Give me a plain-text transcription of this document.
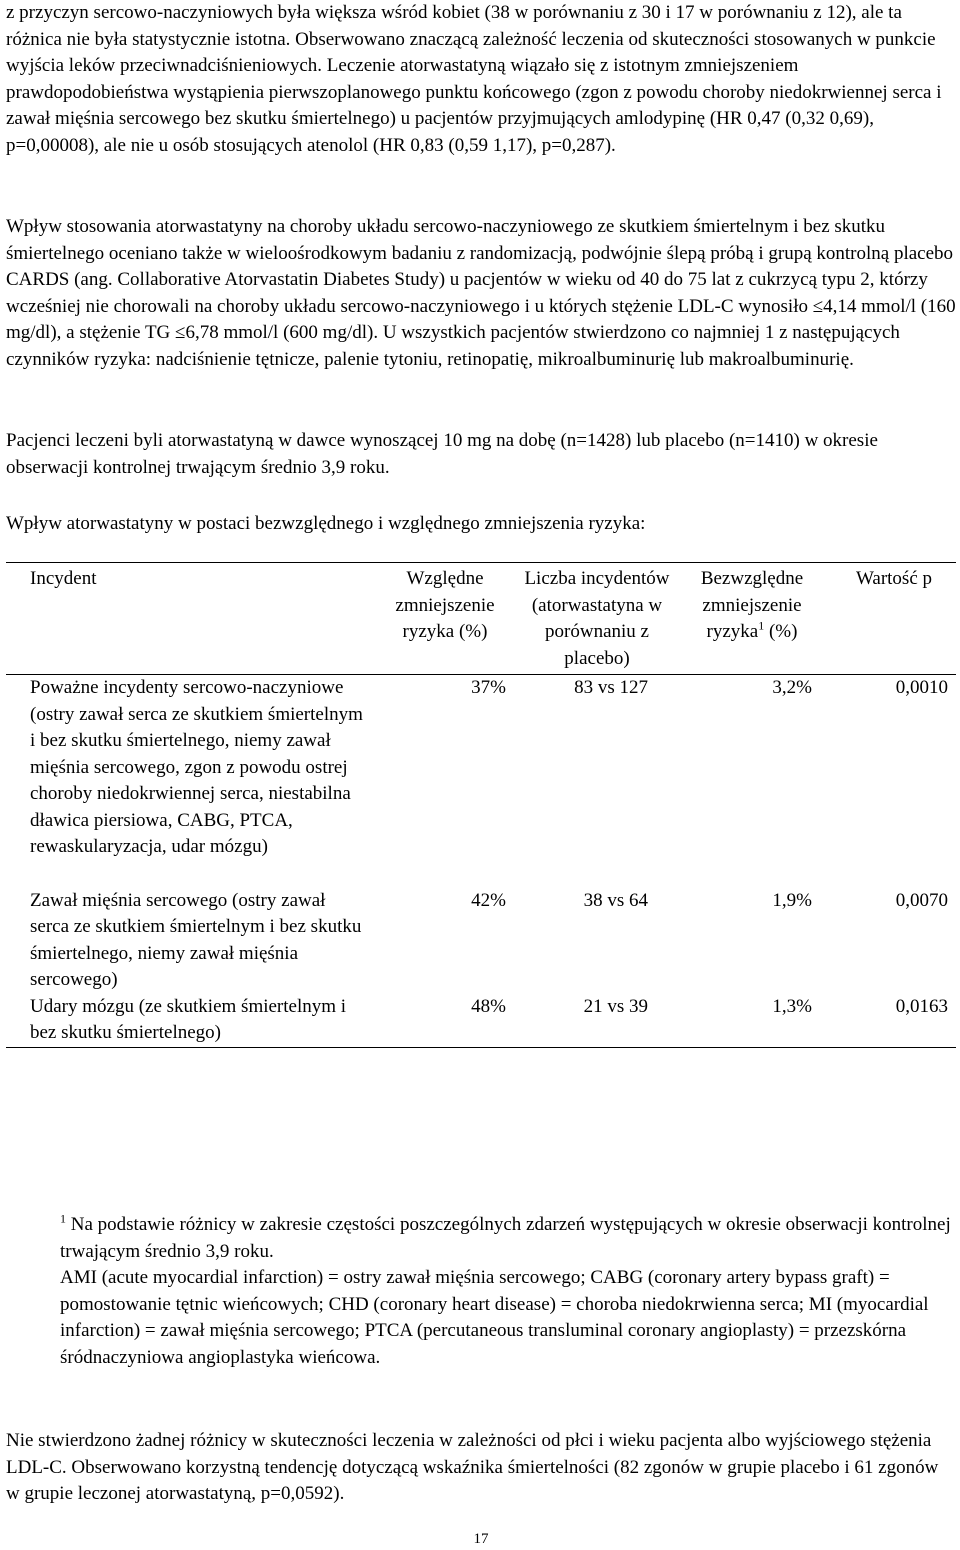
z przyczyn sercowo-naczyniowych była większa wśród kobiet (38 w porównaniu z 30 i 17 w porównaniu z 12), ale ta różnica nie była statystycznie istotna. Obserwowano znaczącą zależność leczenia od skuteczności stosowanych w punkcie wyjścia leków przeciwnadciśnieniowych. Leczenie atorwastatyną wiązało się z istotnym zmniejszeniem prawdopodobieństwa wystąpienia pierwszoplanowego punktu końcowego (zgon z powodu choroby niedokrwiennej serca i zawał mięśnia sercowego bez skutku śmiertelnego) u pacjentów przyjmujących amlodypinę (HR 0,47 (0,32 0,69), p=0,00008), ale nie u osób stosujących atenolol (HR 0,83 (0,59 1,17), p=0,287).

Wpływ stosowania atorwastatyny na choroby układu sercowo-naczyniowego ze skutkiem śmiertelnym i bez skutku śmiertelnego oceniano także w wieloośrodkowym badaniu z randomizacją, podwójnie ślepą próbą i grupą kontrolną placebo CARDS (ang. Collaborative Atorvastatin Diabetes Study) u pacjentów w wieku od 40 do 75 lat z cukrzycą typu 2, którzy wcześniej nie chorowali na choroby układu sercowo-naczyniowego i u których stężenie LDL-C wynosiło ≤4,14 mmol/l (160 mg/dl), a stężenie TG ≤6,78 mmol/l (600 mg/dl). U wszystkich pacjentów stwierdzono co najmniej 1 z następujących czynników ryzyka: nadciśnienie tętnicze, palenie tytoniu, retinopatię, mikroalbuminurię lub makroalbuminurię.

Pacjenci leczeni byli atorwastatyną w dawce wynoszącej 10 mg na dobę (n=1428) lub placebo (n=1410) w okresie obserwacji kontrolnej trwającym średnio 3,9 roku.

Wpływ atorwastatyny w postaci bezwzględnego i względnego zmniejszenia ryzyka:

Incydent	Względne zmniejszenie ryzyka (%)	Liczba incydentów (atorwastatyna w porównaniu z placebo)	Bezwzględne zmniejszenie ryzyka$^1$ (%)	Wartość p
Poważne incydenty sercowo-naczyniowe (ostry zawał serca ze skutkiem śmiertelnym i bez skutku śmiertelnego, niemy zawał mięśnia sercowego, zgon z powodu ostrej choroby niedokrwiennej serca, niestabilna dławica piersiowa, CABG, PTCA, rewaskularyzacja, udar mózgu)	37%	83 vs 127	3,2%	0,0010
Zawał mięśnia sercowego (ostry zawał serca ze skutkiem śmiertelnym i bez skutku śmiertelnego, niemy zawał mięśnia sercowego)	42%	38 vs 64	1,9%	0,0070
Udary mózgu (ze skutkiem śmiertelnym i bez skutku śmiertelnego)	48%	21 vs 39	1,3%	0,0163

$^1$ Na podstawie różnicy w zakresie częstości poszczególnych zdarzeń występujących w okresie obserwacji kontrolnej trwającym średnio 3,9 roku.

AMI (acute myocardial infarction) = ostry zawał mięśnia sercowego; CABG (coronary artery bypass graft) = pomostowanie tętnic wieńcowych; CHD (coronary heart disease) = choroba niedokrwienna serca; MI (myocardial infarction) = zawał mięśnia sercowego; PTCA (percutaneous transluminal coronary angioplasty) = przezskórna śródnaczyniowa angioplastyka wieńcowa.

Nie stwierdzono żadnej różnicy w skuteczności leczenia w zależności od płci i wieku pacjenta albo wyjściowego stężenia LDL-C. Obserwowano korzystną tendencję dotyczącą wskaźnika śmiertelności (82 zgonów w grupie placebo i 61 zgonów w grupie leczonej atorwastatyną, p=0,0592).

17
